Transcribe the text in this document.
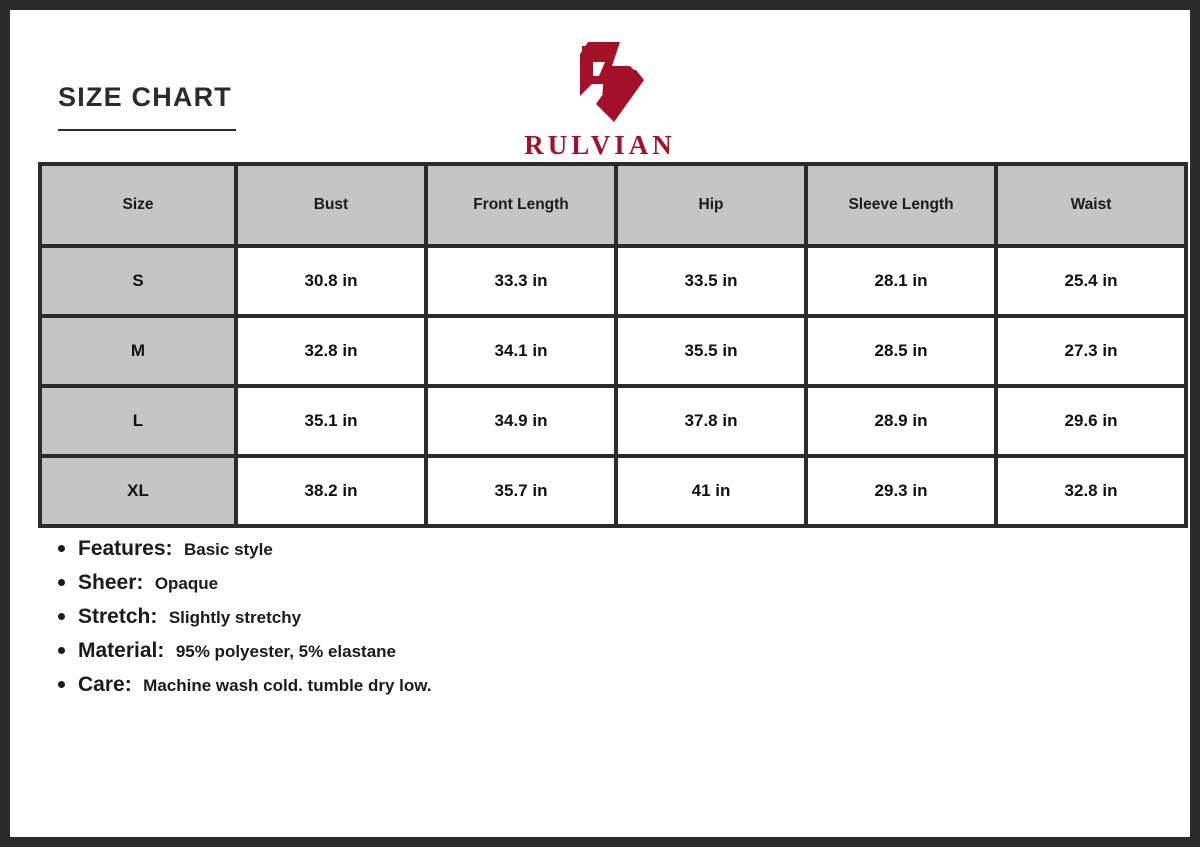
SIZE CHART
RULVIAN
Size	Bust	Front Length	Hip	Sleeve Length	Waist
S	30.8 in	33.3 in	33.5 in	28.1 in	25.4 in
M	32.8 in	34.1 in	35.5 in	28.5 in	27.3 in
L	35.1 in	34.9 in	37.8 in	28.9 in	29.6 in
XL	38.2 in	35.7 in	41 in	29.3 in	32.8 in
Features: Basic style
Sheer: Opaque
Stretch: Slightly stretchy
Material: 95% polyester, 5% elastane
Care: Machine wash cold. tumble dry low.
